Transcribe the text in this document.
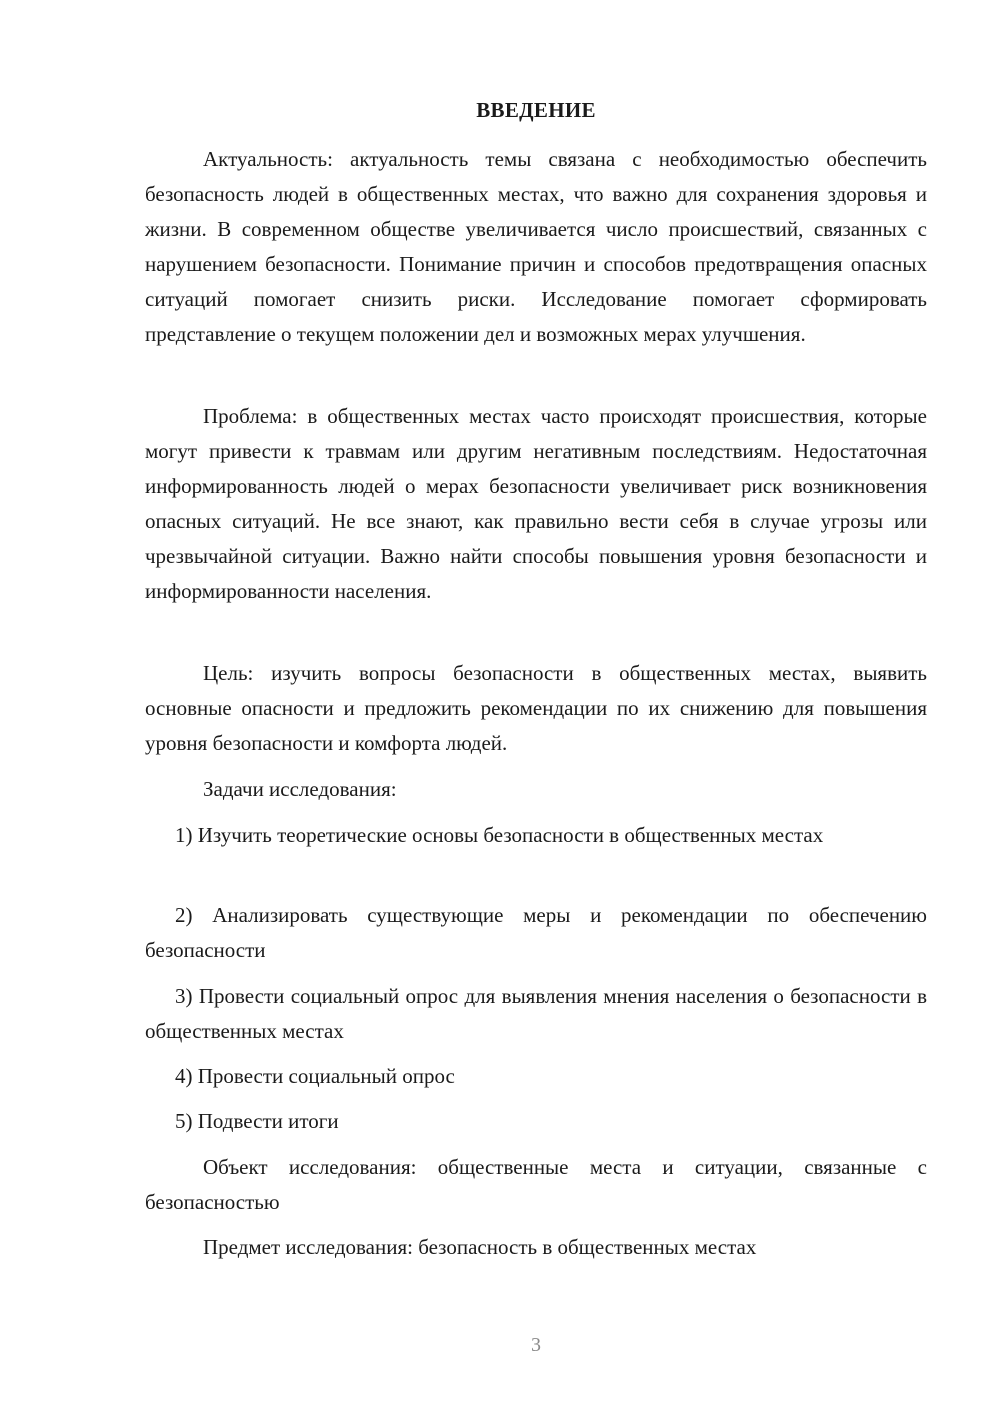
ВВЕДЕНИЕ

Актуальность: актуальность темы связана с необходимостью обеспечить безопасность людей в общественных местах, что важно для сохранения здоровья и жизни. В современном обществе увеличивается число происшествий, связанных с нарушением безопасности. Понимание причин и способов предотвращения опасных ситуаций помогает снизить риски. Исследование помогает сформировать представление о текущем положении дел и возможных мерах улучшения.

Проблема: в общественных местах часто происходят происшествия, которые могут привести к травмам или другим негативным последствиям. Недостаточная информированность людей о мерах безопасности увеличивает риск возникновения опасных ситуаций. Не все знают, как правильно вести себя в случае угрозы или чрезвычайной ситуации. Важно найти способы повышения уровня безопасности и информированности населения.

Цель: изучить вопросы безопасности в общественных местах, выявить основные опасности и предложить рекомендации по их снижению для повышения уровня безопасности и комфорта людей.

Задачи исследования:

1) Изучить теоретические основы безопасности в общественных местах

2) Анализировать существующие меры и рекомендации по обеспечению безопасности

3) Провести социальный опрос для выявления мнения населения о безопасности в общественных местах

4) Провести социальный опрос

5) Подвести итоги

Объект исследования: общественные места и ситуации, связанные с безопасностью

Предмет исследования: безопасность в общественных местах

3
